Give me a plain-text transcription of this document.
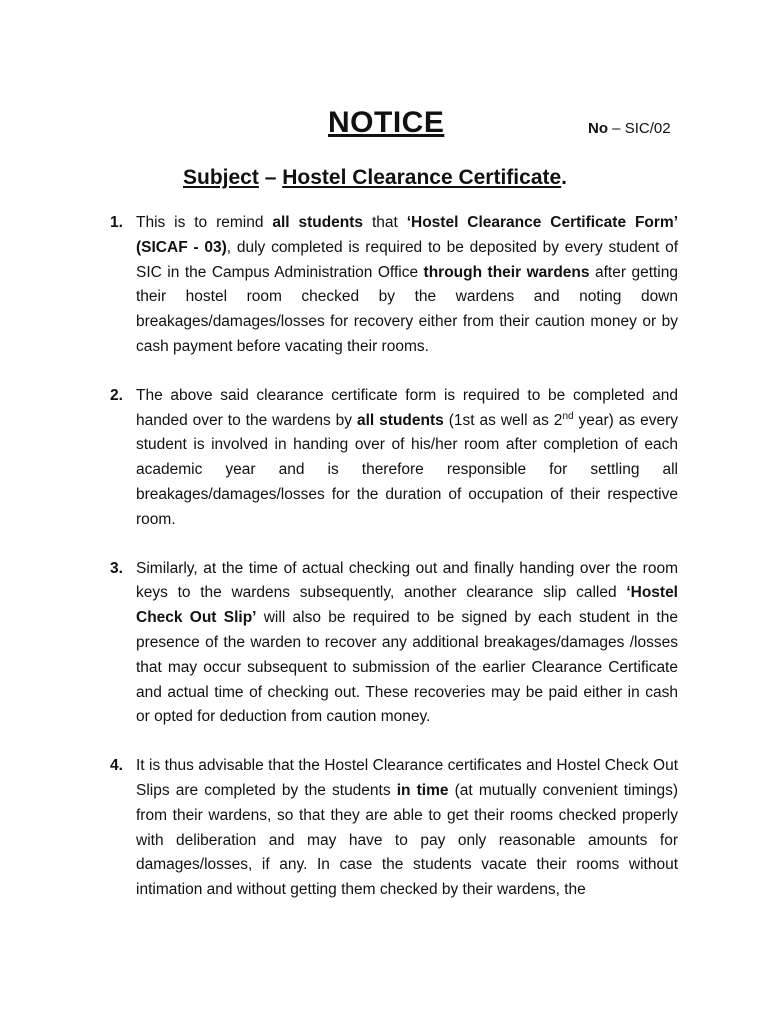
NOTICE	No – SIC/02
Subject – Hostel Clearance Certificate.
1. This is to remind all students that ‘Hostel Clearance Certificate Form’ (SICAF - 03), duly completed is required to be deposited by every student of SIC in the Campus Administration Office through their wardens after getting their hostel room checked by the wardens and noting down breakages/damages/losses for recovery either from their caution money or by cash payment before vacating their rooms.
2. The above said clearance certificate form is required to be completed and handed over to the wardens by all students (1st as well as 2nd year) as every student is involved in handing over of his/her room after completion of each academic year and is therefore responsible for settling all breakages/damages/losses for the duration of occupation of their respective room.
3. Similarly, at the time of actual checking out and finally handing over the room keys to the wardens subsequently, another clearance slip called ‘Hostel Check Out Slip’ will also be required to be signed by each student in the presence of the warden to recover any additional breakages/damages /losses that may occur subsequent to submission of the earlier Clearance Certificate and actual time of checking out. These recoveries may be paid either in cash or opted for deduction from caution money.
4. It is thus advisable that the Hostel Clearance certificates and Hostel Check Out Slips are completed by the students in time (at mutually convenient timings) from their wardens, so that they are able to get their rooms checked properly with deliberation and may have to pay only reasonable amounts for damages/losses, if any. In case the students vacate their rooms without intimation and without getting them checked by their wardens, the
